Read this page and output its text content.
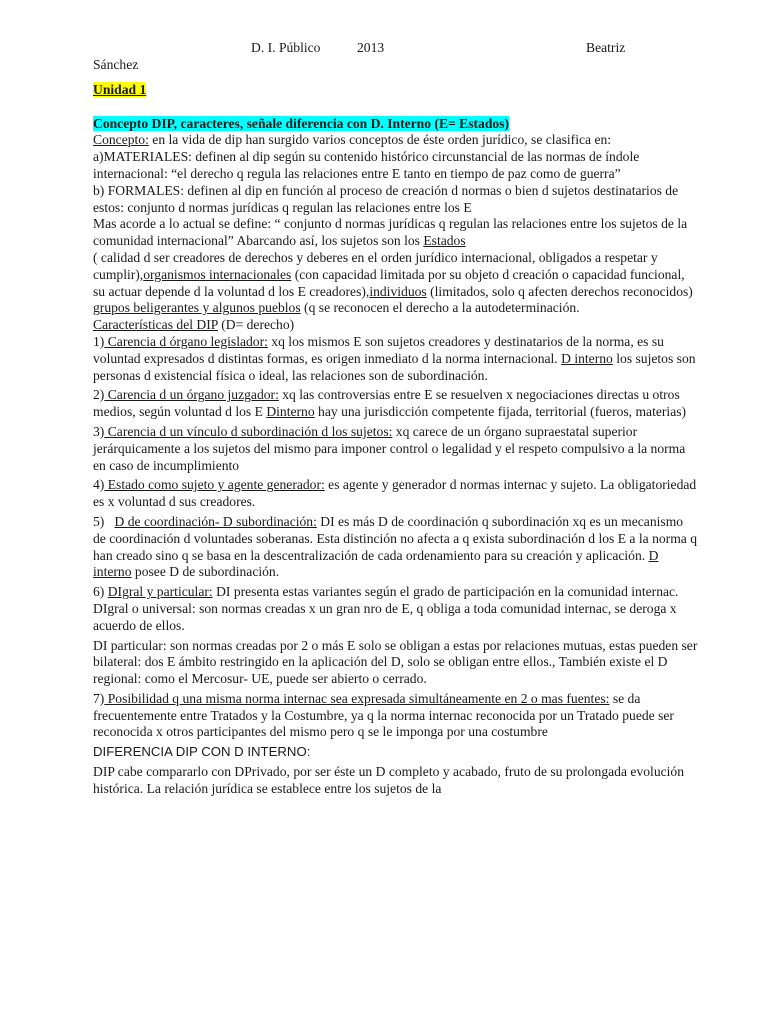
D. I. Público	2013	Beatriz

Sánchez

Unidad 1

Concepto DIP, caracteres, señale diferencia con D. Interno (E= Estados)

Concepto: en la vida de dip han surgido varios conceptos de éste orden jurídico, se clasifica en:

a)MATERIALES: definen al dip según su contenido histórico circunstancial de las normas de índole internacional: “el derecho q regula las relaciones entre E tanto en tiempo de paz como de guerra”

b) FORMALES: definen al dip en función al proceso de creación d normas o bien d sujetos destinatarios de estos: conjunto d normas jurídicas q regulan las relaciones entre los E

Mas acorde a lo actual se define: “ conjunto d normas jurídicas q regulan las relaciones entre los sujetos de la comunidad internacional” Abarcando así, los sujetos son los Estados
( calidad d ser creadores de derechos y deberes en el orden jurídico internacional, obligados a respetar y cumplir),organismos internacionales (con capacidad limitada por su objeto d creación o capacidad funcional, su actuar depende d la voluntad d los E creadores),individuos (limitados, solo q afecten derechos reconocidos) grupos beligerantes y algunos pueblos (q se reconocen el derecho a la autodeterminación.

Características del DIP (D= derecho)

1) Carencia d órgano legislador: xq los mismos E son sujetos creadores y destinatarios de la norma, es su voluntad expresados d distintas formas, es origen inmediato d la norma internacional. D interno los sujetos son personas d existencial física o ideal, las relaciones son de subordinación.

2) Carencia d un órgano juzgador: xq las controversias entre E se resuelven x negociaciones directas u otros medios, según voluntad d los E Dinterno hay una jurisdicción competente fijada, territorial (fueros, materias)

3) Carencia d un vínculo d subordinación d los sujetos: xq carece de un órgano supraestatal superior jerárquicamente a los sujetos del mismo para imponer control o legalidad y el respeto compulsivo a la norma en caso de incumplimiento

4) Estado como sujeto y agente generador: es agente y generador d normas internac y sujeto. La obligatoriedad es x voluntad d sus creadores.

5)   D de coordinación- D subordinación: DI es más D de coordinación q subordinación xq es un mecanismo de coordinación d voluntades soberanas. Esta distinción no afecta a q exista subordinación d los E a la norma q han creado sino q se basa en la descentralización de cada ordenamiento para su creación y aplicación. D interno posee D de subordinación.

6) DIgral y particular: DI presenta estas variantes según el grado de participación en la comunidad internac. DIgral o universal: son normas creadas x un gran nro de E, q obliga a toda comunidad internac, se deroga x acuerdo de ellos.

DI particular: son normas creadas por 2 o más E solo se obligan a estas por relaciones mutuas, estas pueden ser bilateral: dos E ámbito restringido en la aplicación del D, solo se obligan entre ellos., También existe el D regional: como el Mercosur- UE, puede ser abierto o cerrado.

7) Posibilidad q una misma norma internac sea expresada simultáneamente en 2 o mas fuentes: se da frecuentemente entre Tratados y la Costumbre, ya q la norma internac reconocida por un Tratado puede ser reconocida x otros participantes del mismo pero q se le imponga por una costumbre

DIFERENCIA DIP CON D INTERNO:

DIP cabe compararlo con DPrivado, por ser éste un D completo y acabado, fruto de su prolongada evolución histórica. La relación jurídica se establece entre los sujetos de la
